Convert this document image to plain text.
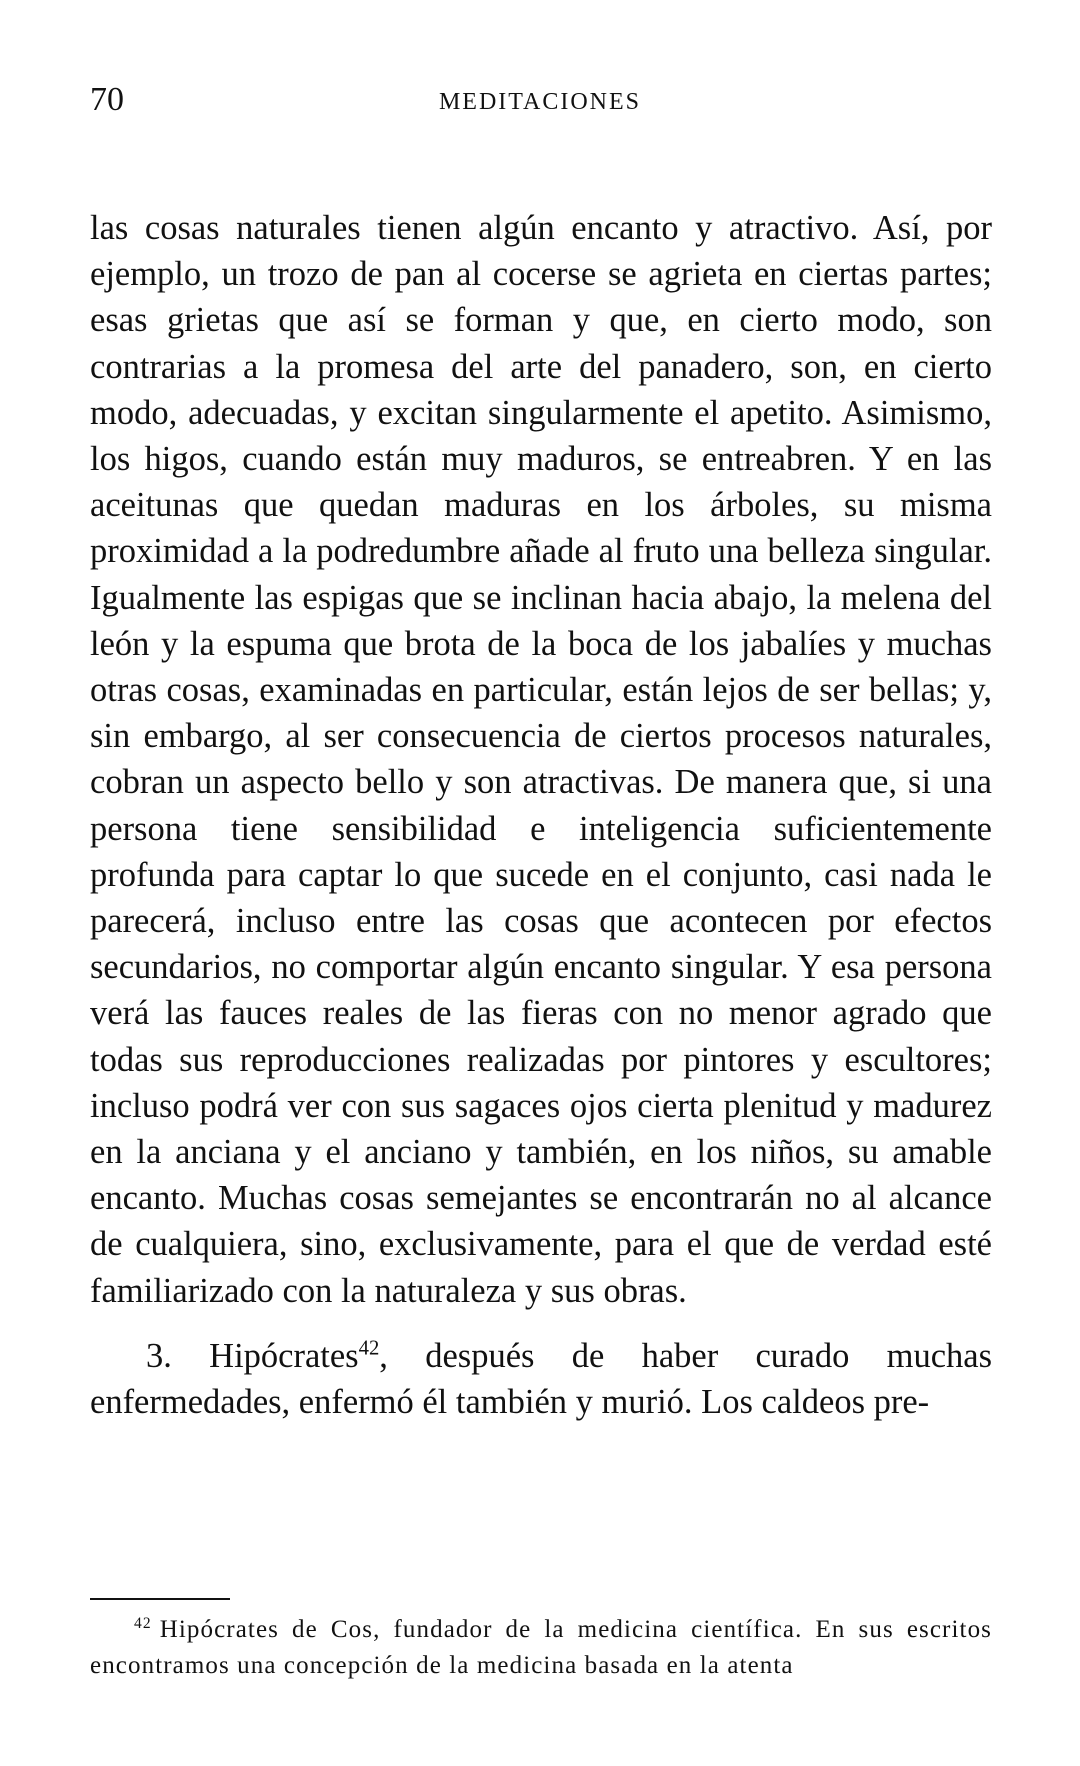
70	MEDITACIONES

las cosas naturales tienen algún encanto y atractivo. Así, por ejemplo, un trozo de pan al cocerse se agrieta en ciertas partes; esas grietas que así se forman y que, en cierto modo, son contrarias a la promesa del arte del panadero, son, en cierto modo, adecuadas, y excitan singularmente el apetito. Asimismo, los higos, cuando están muy maduros, se entreabren. Y en las aceitunas que quedan maduras en los árboles, su misma proximidad a la podredumbre añade al fruto una belleza singular. Igualmente las espigas que se inclinan hacia abajo, la melena del león y la espuma que brota de la boca de los jabalíes y muchas otras cosas, examinadas en particular, están lejos de ser bellas; y, sin embargo, al ser consecuencia de ciertos procesos naturales, cobran un aspecto bello y son atractivas. De manera que, si una persona tiene sensibilidad e inteligencia suficientemente profunda para captar lo que sucede en el conjunto, casi nada le parecerá, incluso entre las cosas que acontecen por efectos secundarios, no comportar algún encanto singular. Y esa persona verá las fauces reales de las fieras con no menor agrado que todas sus reproducciones realizadas por pintores y escultores; incluso podrá ver con sus sagaces ojos cierta plenitud y madurez en la anciana y el anciano y también, en los niños, su amable encanto. Muchas cosas semejantes se encontrarán no al alcance de cualquiera, sino, exclusivamente, para el que de verdad esté familiarizado con la naturaleza y sus obras.

3. Hipócrates$^{42}$, después de haber curado muchas enfermedades, enfermó él también y murió. Los caldeos pre-

$^{42}$ Hipócrates de Cos, fundador de la medicina científica. En sus escritos encontramos una concepción de la medicina basada en la atenta
